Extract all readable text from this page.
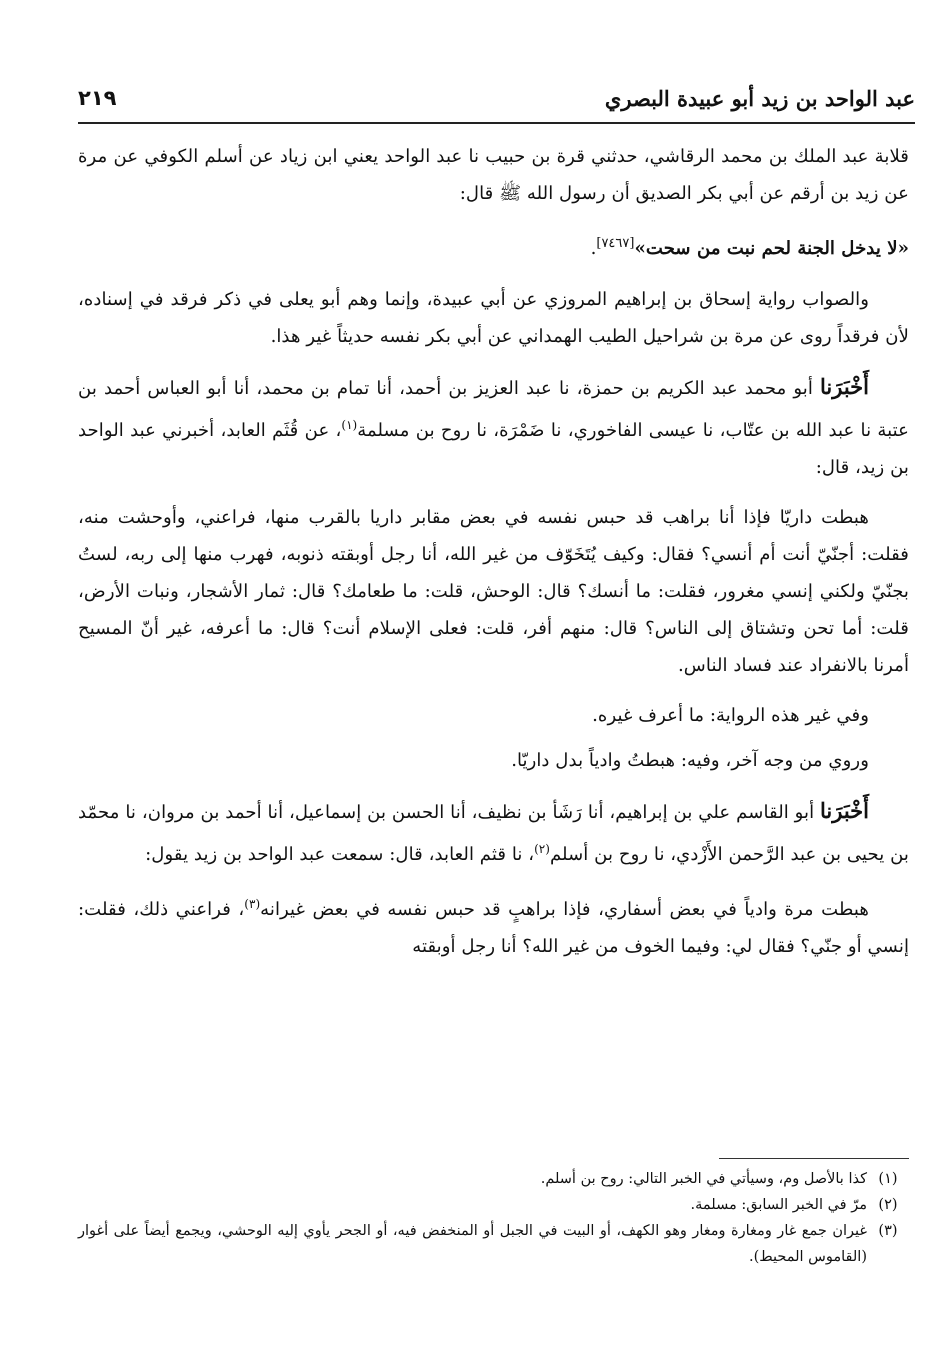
عبد الواحد بن زيد أبو عبيدة البصري
٢١٩

قلابة عبد الملك بن محمد الرقاشي، حدثني قرة بن حبيب نا عبد الواحد يعني ابن زياد عن أسلم الكوفي عن مرة عن زيد بن أرقم عن أبي بكر الصديق أن رسول الله ﷺ قال:

«لا يدخل الجنة لحم نبت من سحت»[٧٤٦٧].

والصواب رواية إسحاق بن إبراهيم المروزي عن أبي عبيدة، وإنما وهم أبو يعلى في ذكر فرقد في إسناده، لأن فرقداً روى عن مرة بن شراحيل الطيب الهمداني عن أبي بكر نفسه حديثاً غير هذا.

أَخْبَرَنا أبو محمد عبد الكريم بن حمزة، نا عبد العزيز بن أحمد، أنا تمام بن محمد، أنا أبو العباس أحمد بن عتبة نا عبد الله بن عتّاب، نا عيسى الفاخوري، نا ضَمْرَة، نا روح بن مسلمة$^{(١)}$، عن قُثَم العابد، أخبرني عبد الواحد بن زيد، قال:

هبطت داريّا فإذا أنا براهب قد حبس نفسه في بعض مقابر داريا بالقرب منها، فراعني، وأوحشت منه، فقلت: أجنّيّ أنت أم أنسي؟ فقال: وكيف يُتَخَوّف من غير الله، أنا رجل أوبقته ذنوبه، فهرب منها إلى ربه، لستُ بجنّيّ ولكني إنسي مغرور، فقلت: ما أنسك؟ قال: الوحش، قلت: ما طعامك؟ قال: ثمار الأشجار، ونبات الأرض، قلت: أما تحن وتشتاق إلى الناس؟ قال: منهم أفر، قلت: فعلى الإسلام أنت؟ قال: ما أعرفه، غير أنّ المسيح أمرنا بالانفراد عند فساد الناس.

وفي غير هذه الرواية: ما أعرف غيره.

وروي من وجه آخر، وفيه: هبطتُ وادياً بدل داريّا.

أَخْبَرَنا أبو القاسم علي بن إبراهيم، أنا رَشَأ بن نظيف، أنا الحسن بن إسماعيل، أنا أحمد بن مروان، نا محمّد بن يحيى بن عبد الرَّحمن الأَزْدي، نا روح بن أسلم$^{(٢)}$، نا قثم العابد، قال: سمعت عبد الواحد بن زيد يقول:

هبطت مرة وادياً في بعض أسفاري، فإذا براهبٍ قد حبس نفسه في بعض غيرانه$^{(٣)}$، فراعني ذلك، فقلت: إنسي أو جنّي؟ فقال لي: وفيما الخوف من غير الله؟ أنا رجل أوبقته

(١)
كذا بالأصل وم، وسيأتي في الخبر التالي: روح بن أسلم.
(٢)
مرّ في الخبر السابق: مسلمة.
(٣)
غيران جمع غار ومغارة ومغار وهو الكهف، أو البيت في الجبل أو المنخفض فيه، أو الجحر يأوي إليه الوحشي، ويجمع أيضاً على أغوار (القاموس المحيط).
